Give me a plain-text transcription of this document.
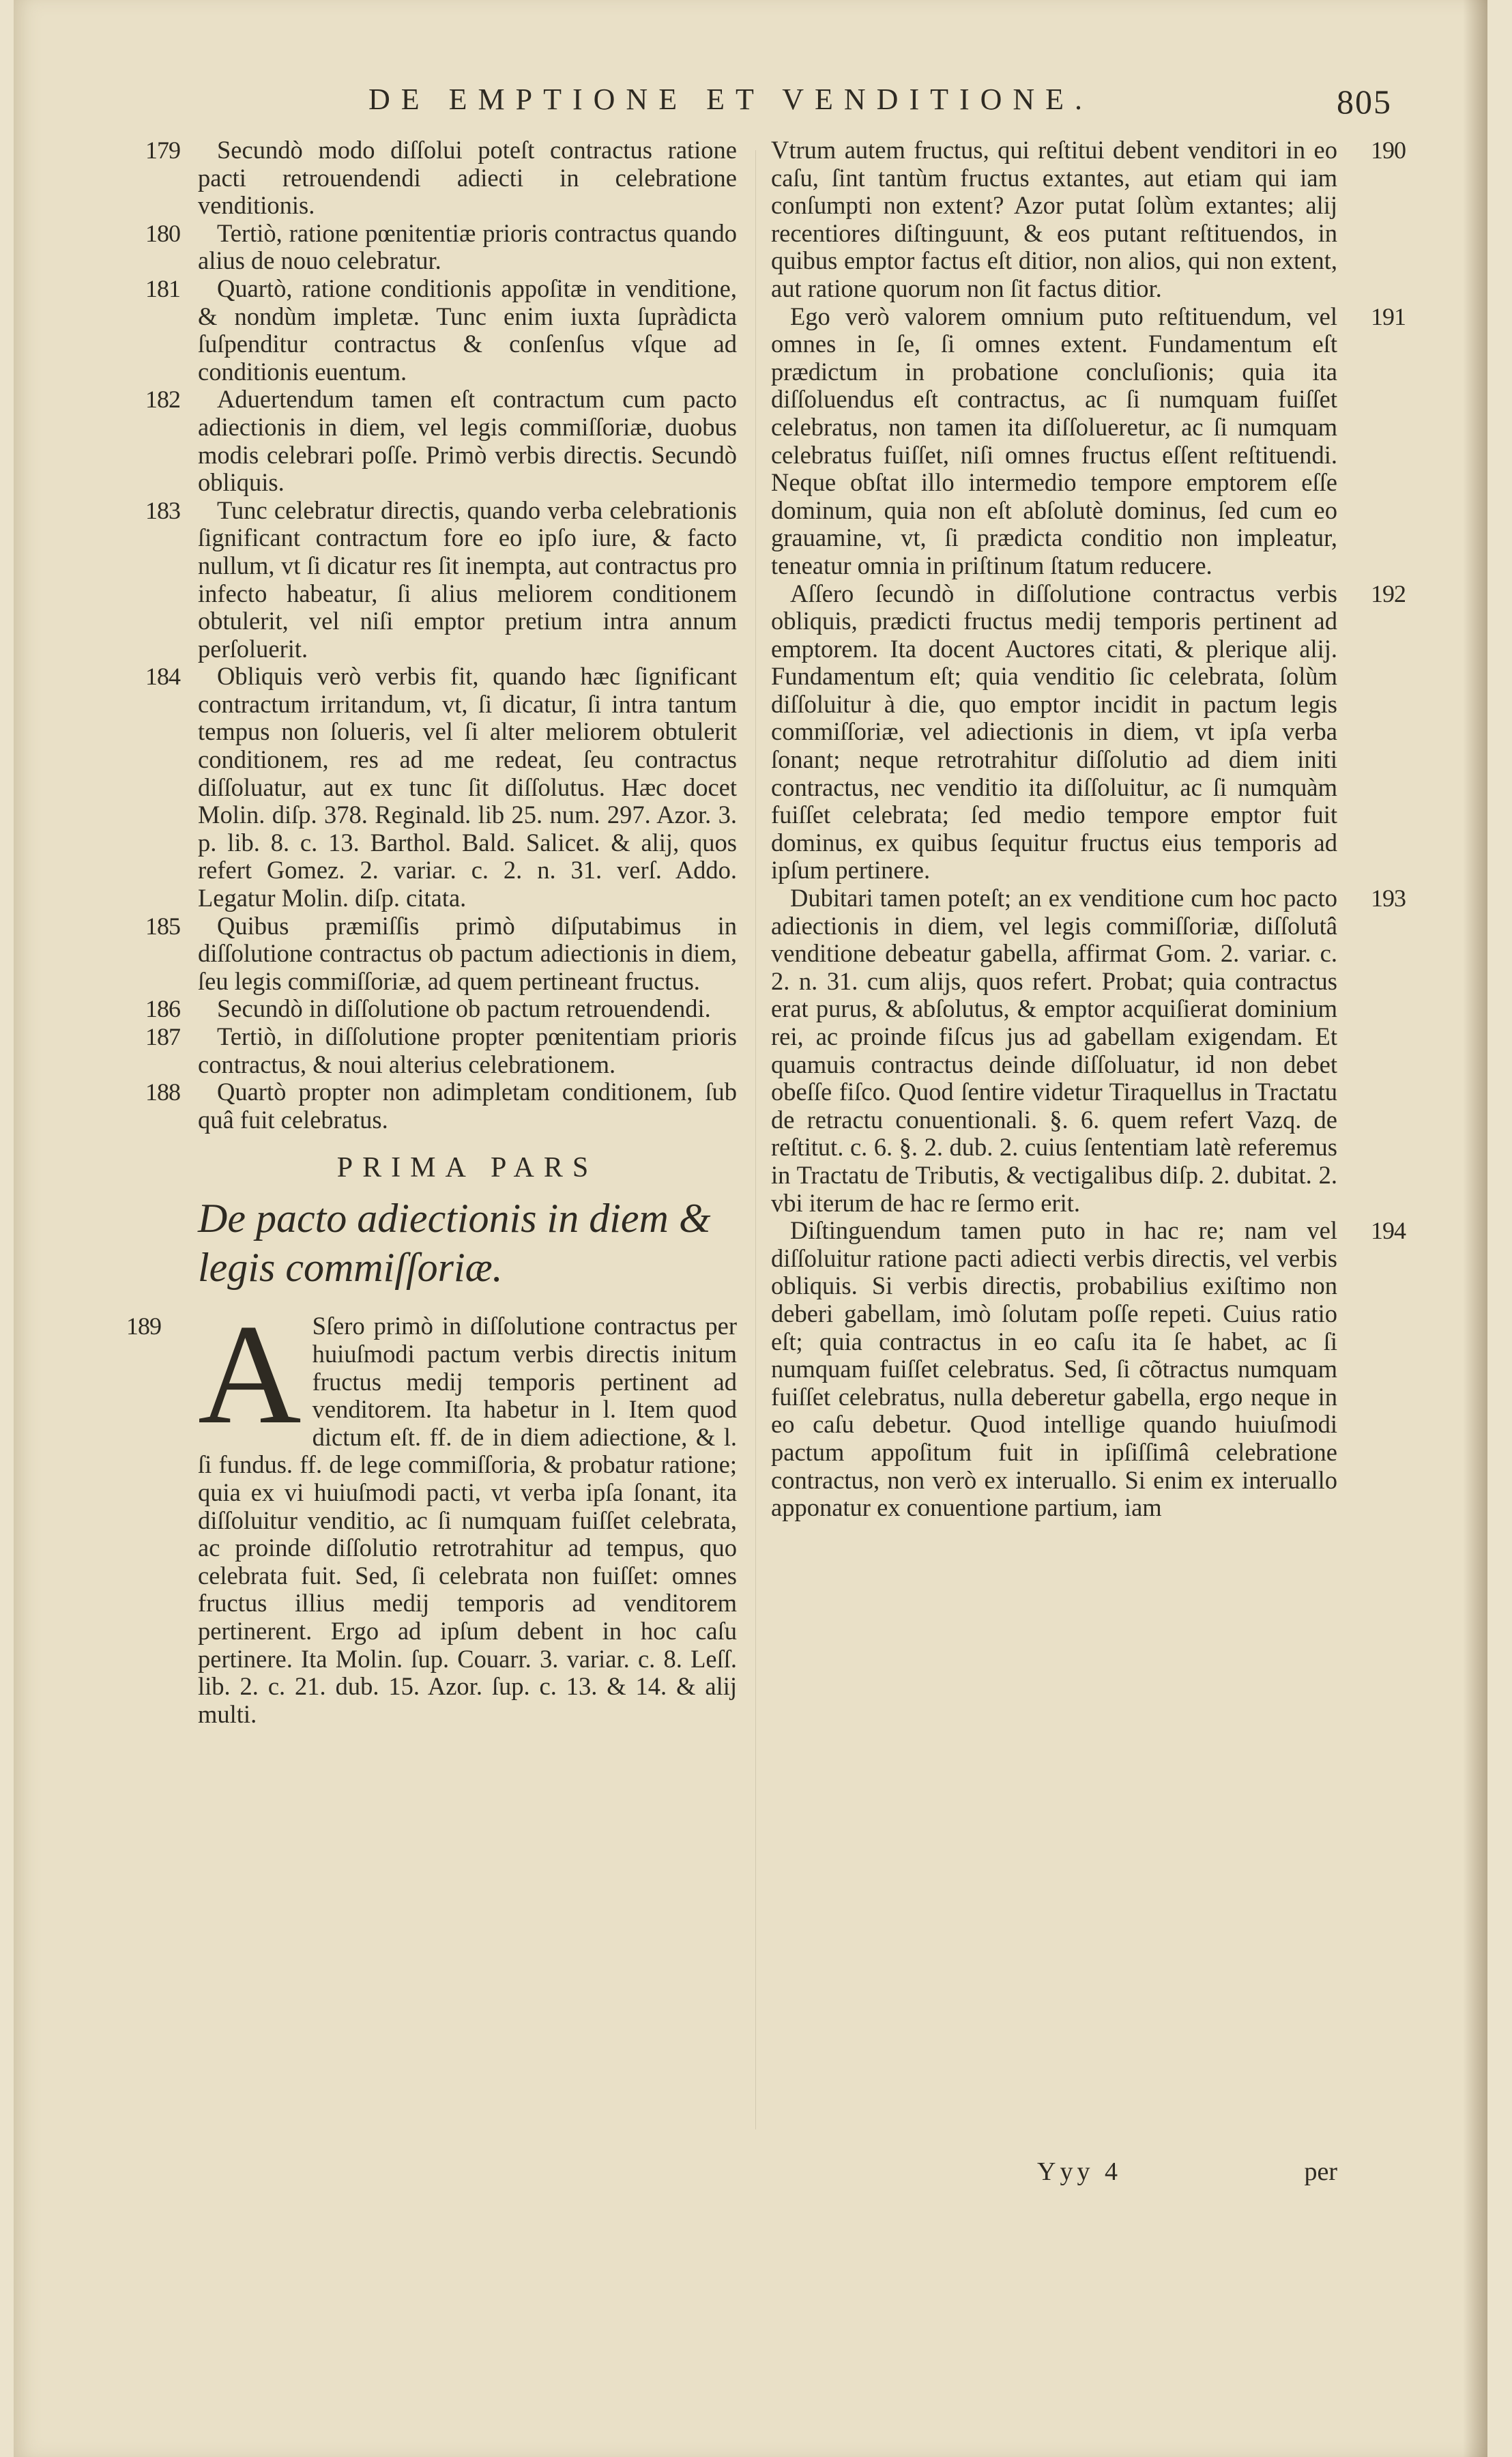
DE EMPTIONE ET VENDITIONE.	805

179 Secundò modo diſſolui poteſt contractus ratione pacti retrouendendi adiecti in celebratione venditionis.

180 Tertiò, ratione pœnitentiæ prioris contractus quando alius de nouo celebratur.

181 Quartò, ratione conditionis appoſitæ in venditione, & nondùm impletæ. Tunc enim iuxta ſupràdicta ſuſpenditur contractus & conſenſus vſque ad conditionis euentum.

182 Aduertendum tamen eſt contractum cum pacto adiectionis in diem, vel legis commiſſoriæ, duobus modis celebrari poſſe. Primò verbis directis. Secundò obliquis.

183 Tunc celebratur directis, quando verba celebrationis ſignificant contractum fore eo ipſo iure, & facto nullum, vt ſi dicatur res ſit inempta, aut contractus pro infecto habeatur, ſi alius meliorem conditionem obtulerit, vel niſi emptor pretium intra annum perſoluerit.

184 Obliquis verò verbis fit, quando hæc ſignificant contractum irritandum, vt, ſi dicatur, ſi intra tantum tempus non ſolueris, vel ſi alter meliorem obtulerit conditionem, res ad me redeat, ſeu contractus diſſoluatur, aut ex tunc ſit diſſolutus. Hæc docet Molin. diſp. 378. Reginald. lib 25. num. 297. Azor. 3. p. lib. 8. c. 13. Barthol. Bald. Salicet. & alij, quos refert Gomez. 2. variar. c. 2. n. 31. verſ. Addo. Legatur Molin. diſp. citata.

185 Quibus præmiſſis primò diſputabimus in diſſolutione contractus ob pactum adiectionis in diem, ſeu legis commiſſoriæ, ad quem pertineant fructus.

186 Secundò in diſſolutione ob pactum retrouendendi.

187 Tertiò, in diſſolutione propter pœnitentiam prioris contractus, & noui alterius celebrationem.

188 Quartò propter non adimpletam conditionem, ſub quâ fuit celebratus.

PRIMA PARS
De pacto adiectionis in diem & legis commiſſoriæ.

189 A Sſero primò in diſſolutione contractus per huiuſmodi pactum verbis directis initum fructus medij temporis pertinent ad venditorem. Ita habetur in l. Item quod dictum eſt. ff. de in diem adiectione, & l. ſi fundus. ff. de lege commiſſoria, & probatur ratione; quia ex vi huiuſmodi pacti, vt verba ipſa ſonant, ita diſſoluitur venditio, ac ſi numquam fuiſſet celebrata, ac proinde diſſolutio retrotrahitur ad tempus, quo celebrata fuit. Sed, ſi celebrata non fuiſſet: omnes fructus illius medij temporis ad venditorem pertinerent. Ergo ad ipſum debent in hoc caſu pertinere. Ita Molin. ſup. Couarr. 3. variar. c. 8. Leſſ. lib. 2. c. 21. dub. 15. Azor. ſup. c. 13. & 14. & alij multi.

190
Vtrum autem fructus, qui reſtitui debent venditori in eo caſu, ſint tantùm fructus extantes, aut etiam qui iam conſumpti non extent? Azor putat ſolùm extantes; alij recentiores diſtinguunt, & eos putant reſtituendos, in quibus emptor factus eſt ditior, non alios, qui non extent, aut ratione quorum non ſit factus ditior.

191
Ego verò valorem omnium puto reſtituendum, vel omnes in ſe, ſi omnes extent. Fundamentum eſt prædictum in probatione concluſionis; quia ita diſſoluendus eſt contractus, ac ſi numquam fuiſſet celebratus, non tamen ita diſſolueretur, ac ſi numquam celebratus fuiſſet, niſi omnes fructus eſſent reſtituendi. Neque obſtat illo intermedio tempore emptorem eſſe dominum, quia non eſt abſolutè dominus, ſed cum eo grauamine, vt, ſi prædicta conditio non impleatur, teneatur omnia in priſtinum ſtatum reducere.

192
Aſſero ſecundò in diſſolutione contractus verbis obliquis, prædicti fructus medij temporis pertinent ad emptorem. Ita docent Auctores citati, & plerique alij. Fundamentum eſt; quia venditio ſic celebrata, ſolùm diſſoluitur à die, quo emptor incidit in pactum legis commiſſoriæ, vel adiectionis in diem, vt ipſa verba ſonant; neque retrotrahitur diſſolutio ad diem initi contractus, nec venditio ita diſſoluitur, ac ſi numquàm fuiſſet celebrata; ſed medio tempore emptor fuit dominus, ex quibus ſequitur fructus eius temporis ad ipſum pertinere.

193
Dubitari tamen poteſt; an ex venditione cum hoc pacto adiectionis in diem, vel legis commiſſoriæ, diſſolutâ venditione debeatur gabella, affirmat Gom. 2. variar. c. 2. n. 31. cum alijs, quos refert. Probat; quia contractus erat purus, & abſolutus, & emptor acquiſierat dominium rei, ac proinde fiſcus jus ad gabellam exigendam. Et quamuis contractus deinde diſſoluatur, id non debet obeſſe fiſco. Quod ſentire videtur Tiraquellus in Tractatu de retractu conuentionali. §. 6. quem refert Vazq. de reſtitut. c. 6. §. 2. dub. 2. cuius ſententiam latè referemus in Tractatu de Tributis, & vectigalibus diſp. 2. dubitat. 2. vbi iterum de hac re ſermo erit.

194
Diſtinguendum tamen puto in hac re; nam vel diſſoluitur ratione pacti adiecti verbis directis, vel verbis obliquis. Si verbis directis, probabilius exiſtimo non deberi gabellam, imò ſolutam poſſe repeti. Cuius ratio eſt; quia contractus in eo caſu ita ſe habet, ac ſi numquam fuiſſet celebratus. Sed, ſi cõtractus numquam fuiſſet celebratus, nulla deberetur gabella, ergo neque in eo caſu debetur. Quod intellige quando huiuſmodi pactum appoſitum fuit in ipſiſſimâ celebratione contractus, non verò ex interuallo. Si enim ex interuallo apponatur ex conuentione partium, iam

Yyy 4	per
